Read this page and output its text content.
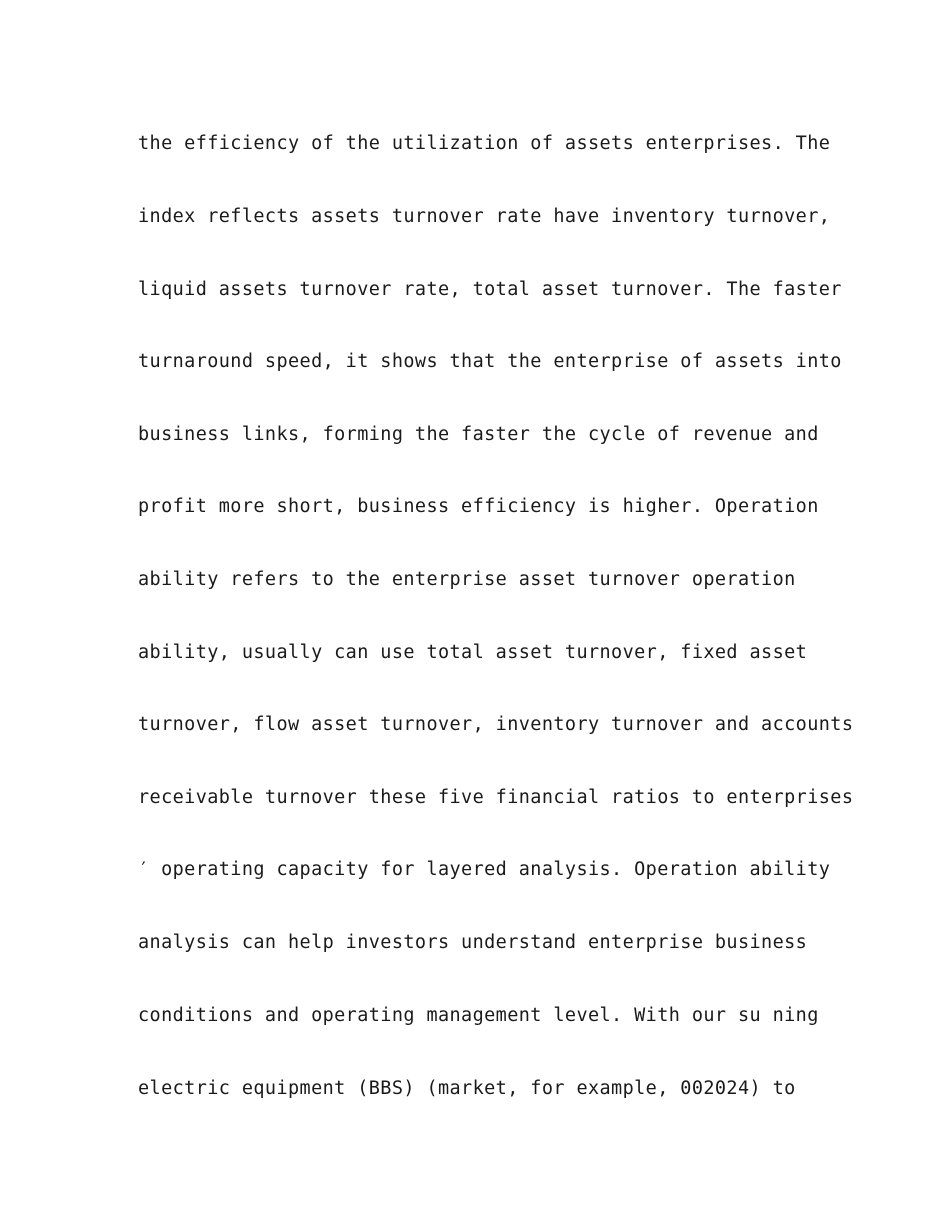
the efficiency of the utilization of assets enterprises. The
index reflects assets turnover rate have inventory turnover,
liquid assets turnover rate, total asset turnover. The faster
turnaround speed, it shows that the enterprise of assets into
business links, forming the faster the cycle of revenue and
profit more short, business efficiency is higher. Operation
ability refers to the enterprise asset turnover operation
ability, usually can use total asset turnover, fixed asset
turnover, flow asset turnover, inventory turnover and accounts
receivable turnover these five financial ratios to enterprises
′ operating capacity for layered analysis. Operation ability
analysis can help investors understand enterprise business
conditions and operating management level. With our su ning
electric equipment (BBS) (market, for example, 002024) to
